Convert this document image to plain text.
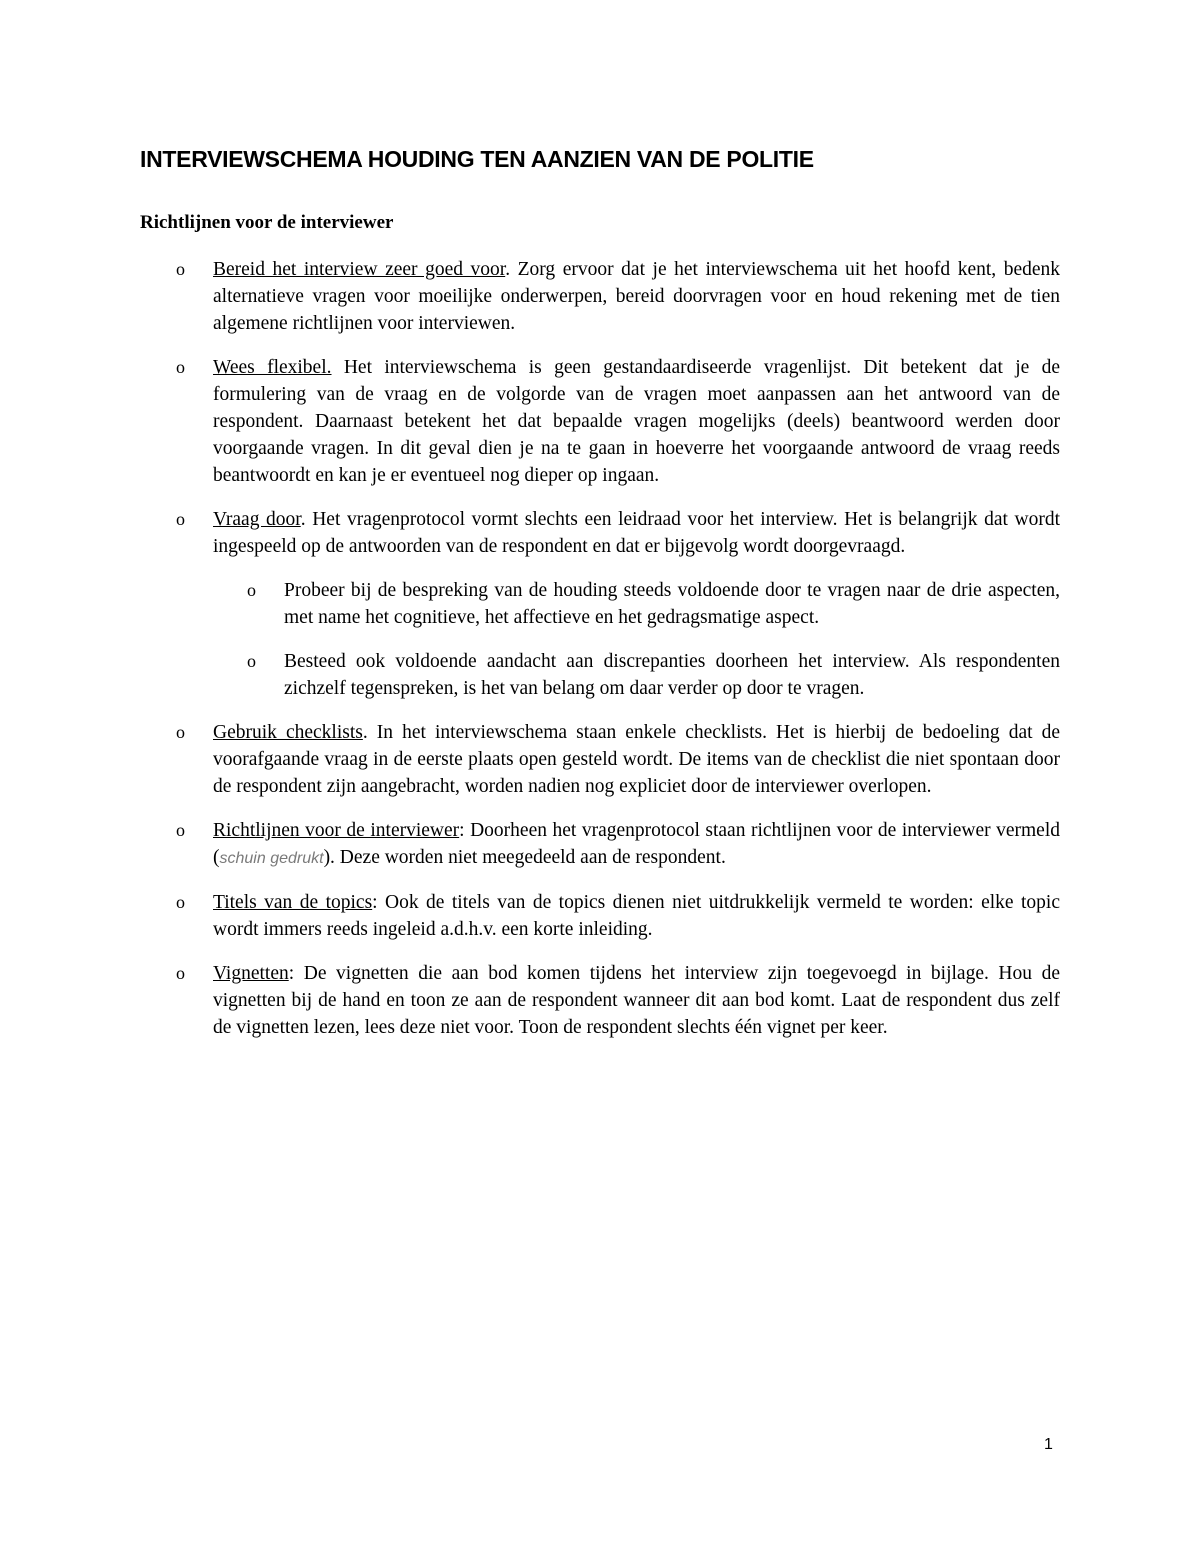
INTERVIEWSCHEMA HOUDING TEN AANZIEN VAN DE POLITIE
Richtlijnen voor de interviewer
o Bereid het interview zeer goed voor. Zorg ervoor dat je het interviewschema uit het hoofd kent, bedenk alternatieve vragen voor moeilijke onderwerpen, bereid doorvragen voor en houd rekening met de tien algemene richtlijnen voor interviewen.
o Wees flexibel. Het interviewschema is geen gestandaardiseerde vragenlijst. Dit betekent dat je de formulering van de vraag en de volgorde van de vragen moet aanpassen aan het antwoord van de respondent. Daarnaast betekent het dat bepaalde vragen mogelijks (deels) beantwoord werden door voorgaande vragen. In dit geval dien je na te gaan in hoeverre het voorgaande antwoord de vraag reeds beantwoordt en kan je er eventueel nog dieper op ingaan.
o Vraag door. Het vragenprotocol vormt slechts een leidraad voor het interview. Het is belangrijk dat wordt ingespeeld op de antwoorden van de respondent en dat er bijgevolg wordt doorgevraagd.
o Probeer bij de bespreking van de houding steeds voldoende door te vragen naar de drie aspecten, met name het cognitieve, het affectieve en het gedragsmatige aspect.
o Besteed ook voldoende aandacht aan discrepanties doorheen het interview. Als respondenten zichzelf tegenspreken, is het van belang om daar verder op door te vragen.
o Gebruik checklists. In het interviewschema staan enkele checklists. Het is hierbij de bedoeling dat de voorafgaande vraag in de eerste plaats open gesteld wordt. De items van de checklist die niet spontaan door de respondent zijn aangebracht, worden nadien nog expliciet door de interviewer overlopen.
o Richtlijnen voor de interviewer: Doorheen het vragenprotocol staan richtlijnen voor de interviewer vermeld (schuin gedrukt). Deze worden niet meegedeeld aan de respondent.
o Titels van de topics: Ook de titels van de topics dienen niet uitdrukkelijk vermeld te worden: elke topic wordt immers reeds ingeleid a.d.h.v. een korte inleiding.
o Vignetten: De vignetten die aan bod komen tijdens het interview zijn toegevoegd in bijlage. Hou de vignetten bij de hand en toon ze aan de respondent wanneer dit aan bod komt. Laat de respondent dus zelf de vignetten lezen, lees deze niet voor. Toon de respondent slechts één vignet per keer.
1
